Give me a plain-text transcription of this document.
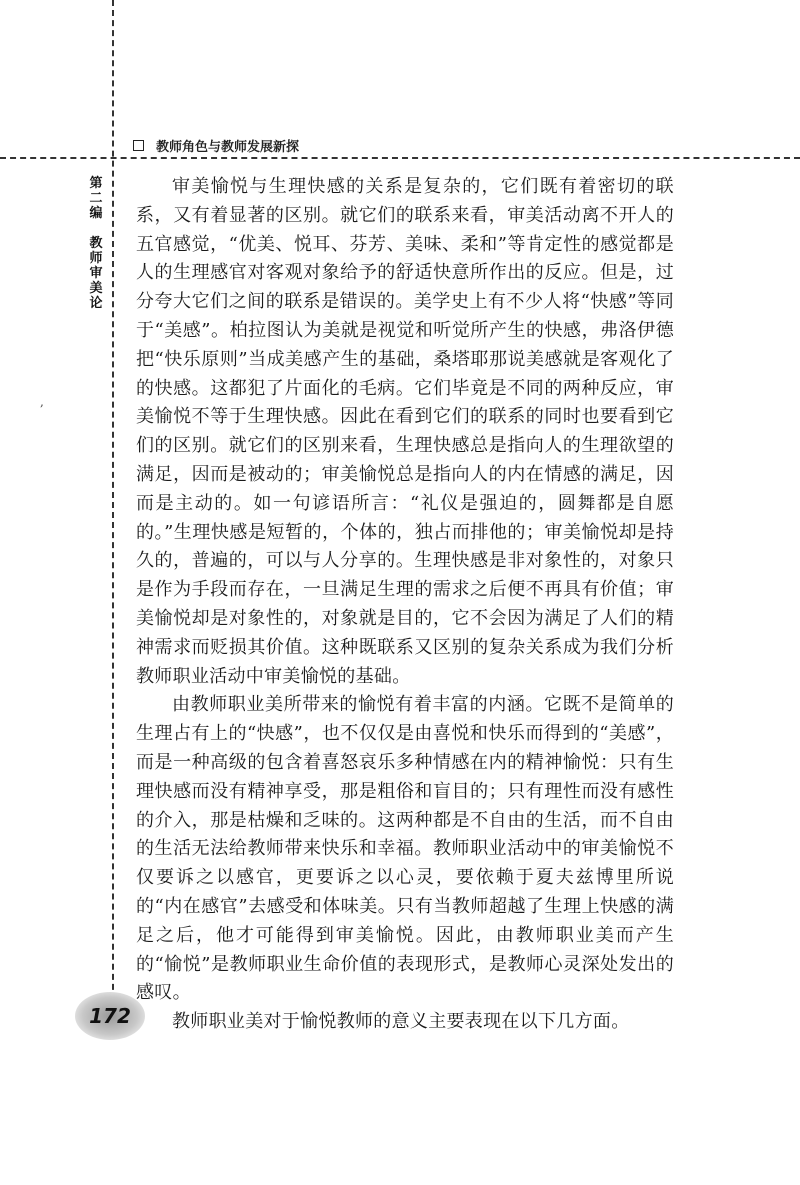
教师角色与教师发展新探
第二编
教师审美论
,

审美愉悦与生理快感的关系是复杂的，它们既有着密切的联系，又有着显著的区别。就它们的联系来看，审美活动离不开人的五官感觉，“优美、悦耳、芬芳、美味、柔和”等肯定性的感觉都是人的生理感官对客观对象给予的舒适快意所作出的反应。但是，过分夸大它们之间的联系是错误的。美学史上有不少人将“快感”等同于“美感”。柏拉图认为美就是视觉和听觉所产生的快感，弗洛伊德把“快乐原则”当成美感产生的基础，桑塔耶那说美感就是客观化了的快感。这都犯了片面化的毛病。它们毕竟是不同的两种反应，审美愉悦不等于生理快感。因此在看到它们的联系的同时也要看到它们的区别。就它们的区别来看，生理快感总是指向人的生理欲望的满足，因而是被动的；审美愉悦总是指向人的内在情感的满足，因而是主动的。如一句谚语所言：“礼仪是强迫的，圆舞都是自愿的。”生理快感是短暂的，个体的，独占而排他的；审美愉悦却是持久的，普遍的，可以与人分享的。生理快感是非对象性的，对象只是作为手段而存在，一旦满足生理的需求之后便不再具有价值；审美愉悦却是对象性的，对象就是目的，它不会因为满足了人们的精神需求而贬损其价值。这种既联系又区别的复杂关系成为我们分析教师职业活动中审美愉悦的基础。

由教师职业美所带来的愉悦有着丰富的内涵。它既不是简单的生理占有上的“快感”，也不仅仅是由喜悦和快乐而得到的“美感”，而是一种高级的包含着喜怒哀乐多种情感在内的精神愉悦：只有生理快感而没有精神享受，那是粗俗和盲目的；只有理性而没有感性的介入，那是枯燥和乏味的。这两种都是不自由的生活，而不自由的生活无法给教师带来快乐和幸福。教师职业活动中的审美愉悦不仅要诉之以感官，更要诉之以心灵，要依赖于夏夫兹博里所说的“内在感官”去感受和体味美。只有当教师超越了生理上快感的满足之后，他才可能得到审美愉悦。因此，由教师职业美而产生的“愉悦”是教师职业生命价值的表现形式，是教师心灵深处发出的感叹。

教师职业美对于愉悦教师的意义主要表现在以下几方面。

172
